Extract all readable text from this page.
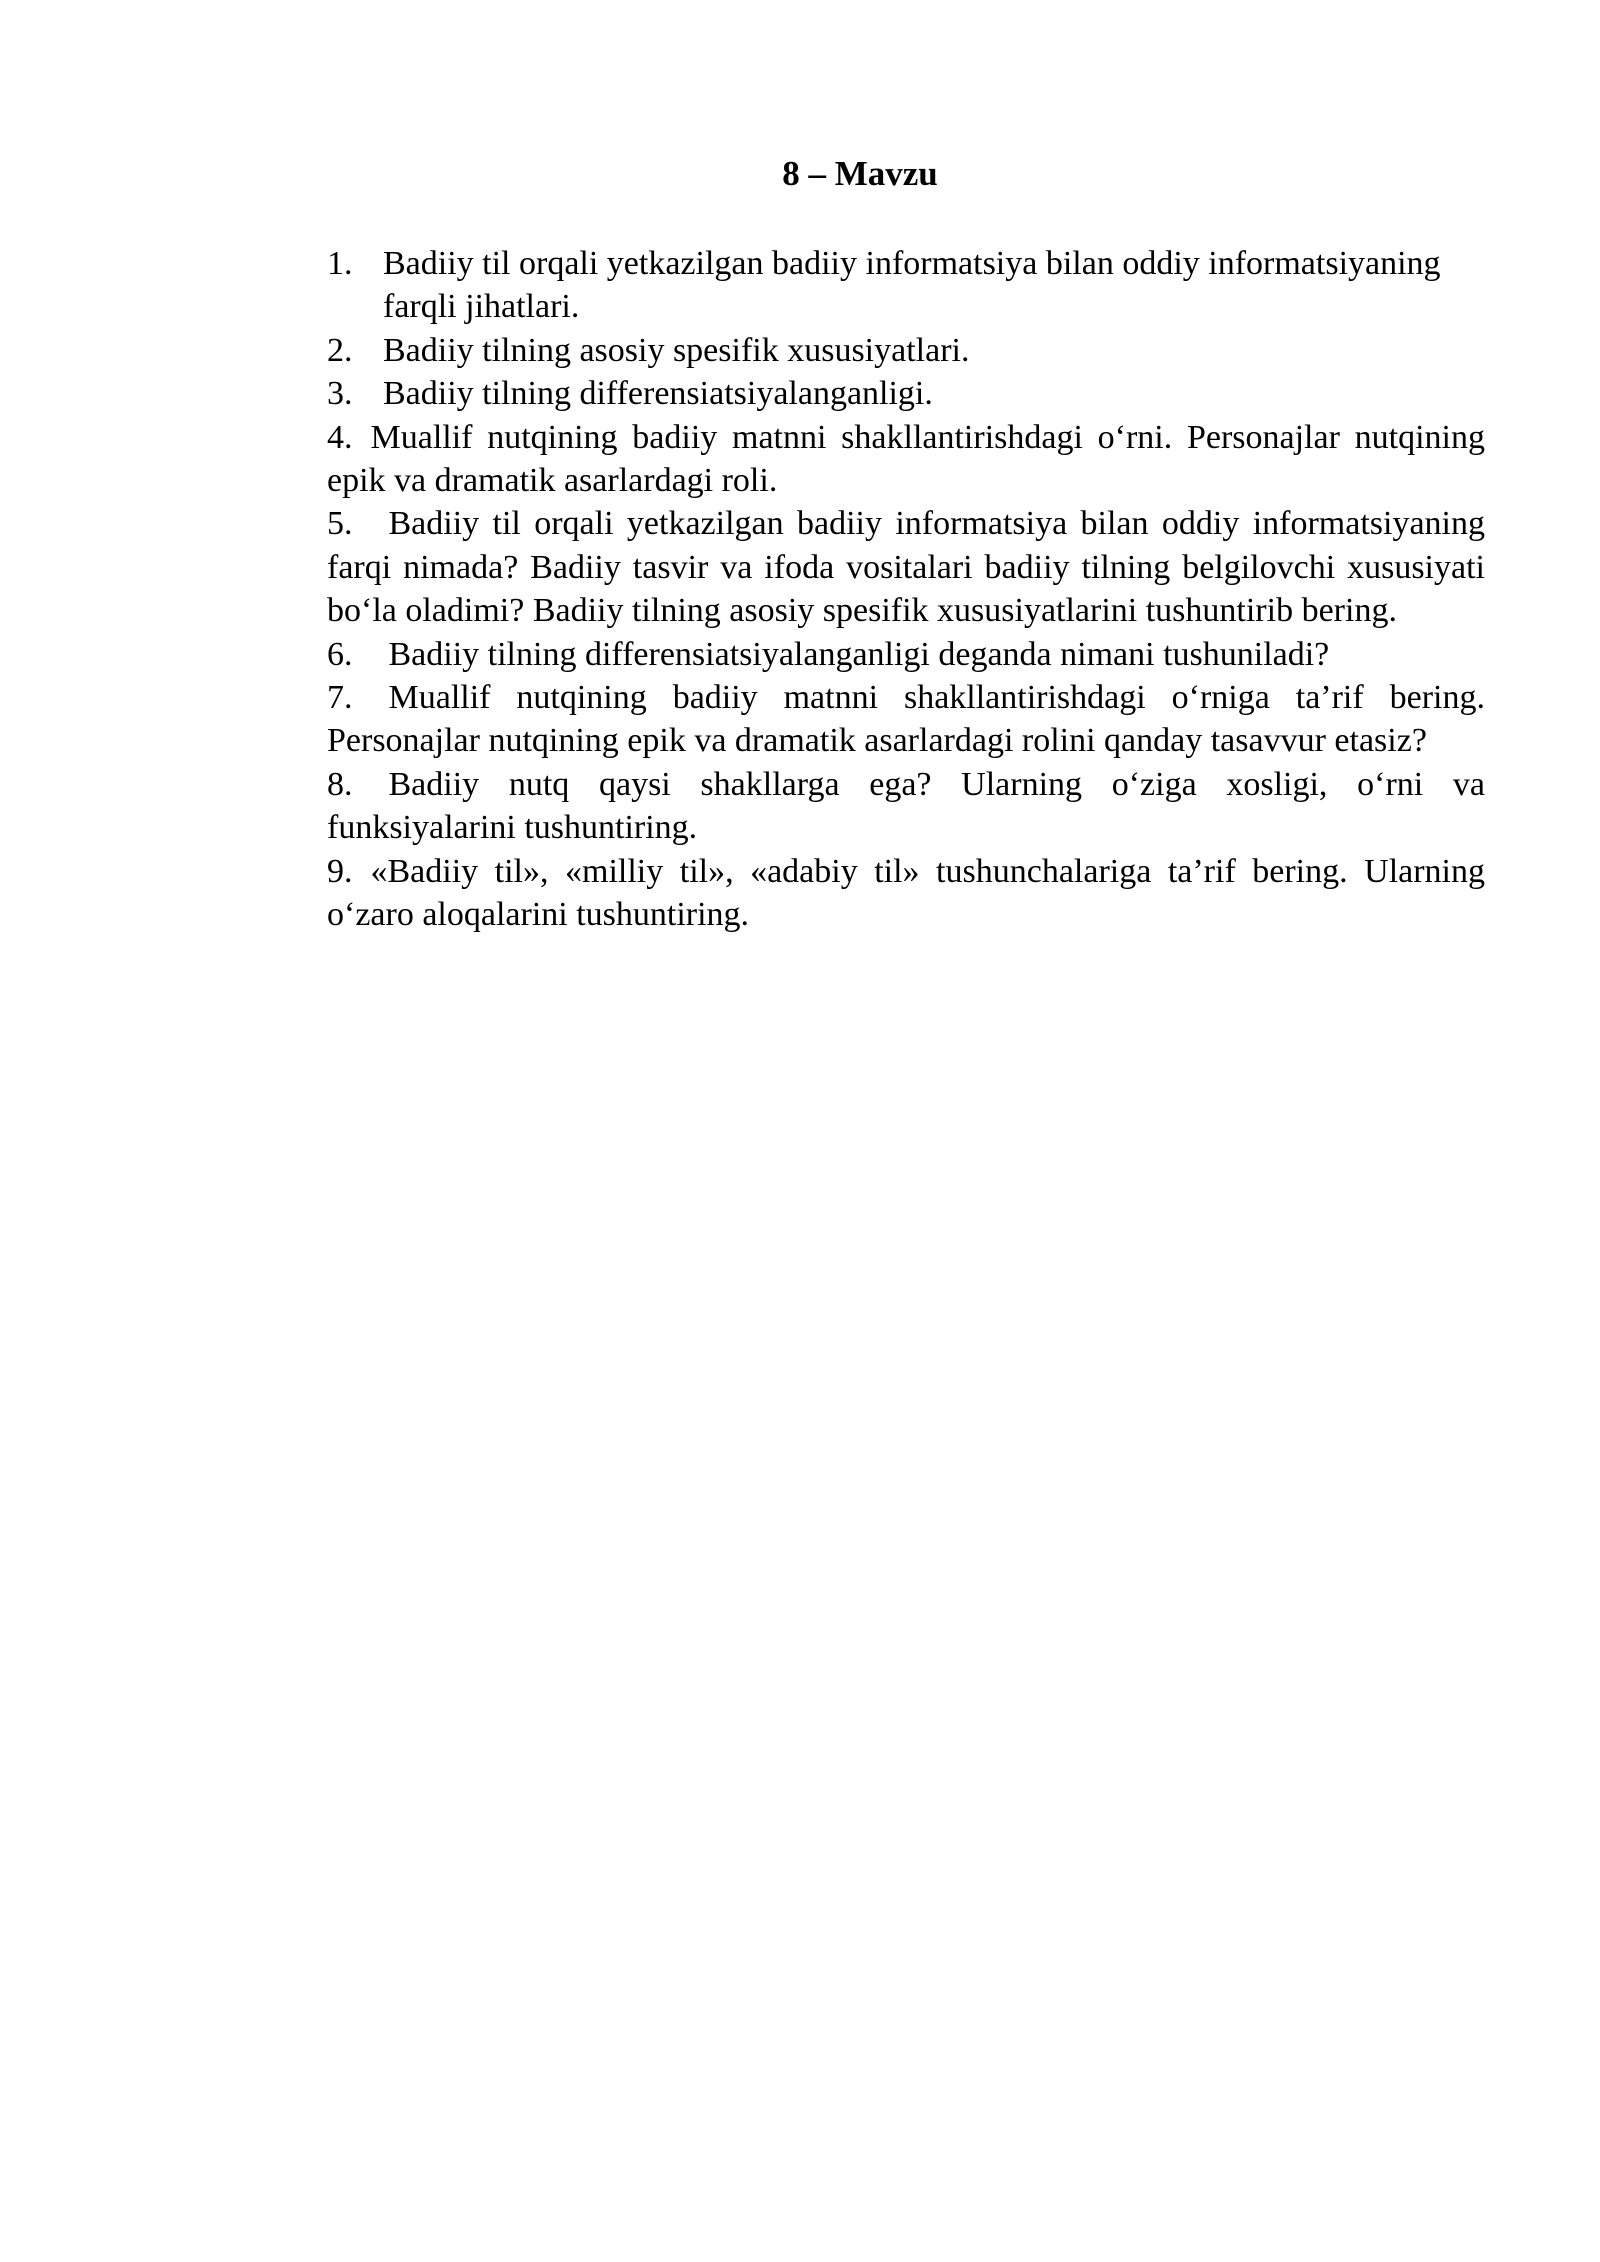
8 – Mavzu
1. Badiiy til orqali yetkazilgan badiiy informatsiya bilan oddiy informatsiyaning farqli jihatlari.
2. Badiiy tilning asosiy spesifik xususiyatlari.
3. Badiiy tilning differensiatsiyalanganligi.

4. Muallif nutqining badiiy matnni shakllantirishdagi o‘rni. Personajlar nutqining epik va dramatik asarlardagi roli.

5. Badiiy til orqali yetkazilgan badiiy informatsiya bilan oddiy informatsiyaning farqi nimada? Badiiy tasvir va ifoda vositalari badiiy tilning belgilovchi xususiyati bo‘la oladimi? Badiiy tilning asosiy spesifik xususiyatlarini tushuntirib bering.

6. Badiiy tilning differensiatsiyalanganligi deganda nimani tushuniladi?

7. Muallif nutqining badiiy matnni shakllantirishdagi o‘rniga ta’rif bering. Personajlar nutqining epik va dramatik asarlardagi rolini qanday tasavvur etasiz?

8. Badiiy nutq qaysi shakllarga ega? Ularning o‘ziga xosligi, o‘rni va funksiyalarini tushuntiring.

9. «Badiiy til», «milliy til», «adabiy til» tushunchalariga ta’rif bering. Ularning o‘zaro aloqalarini tushuntiring.
